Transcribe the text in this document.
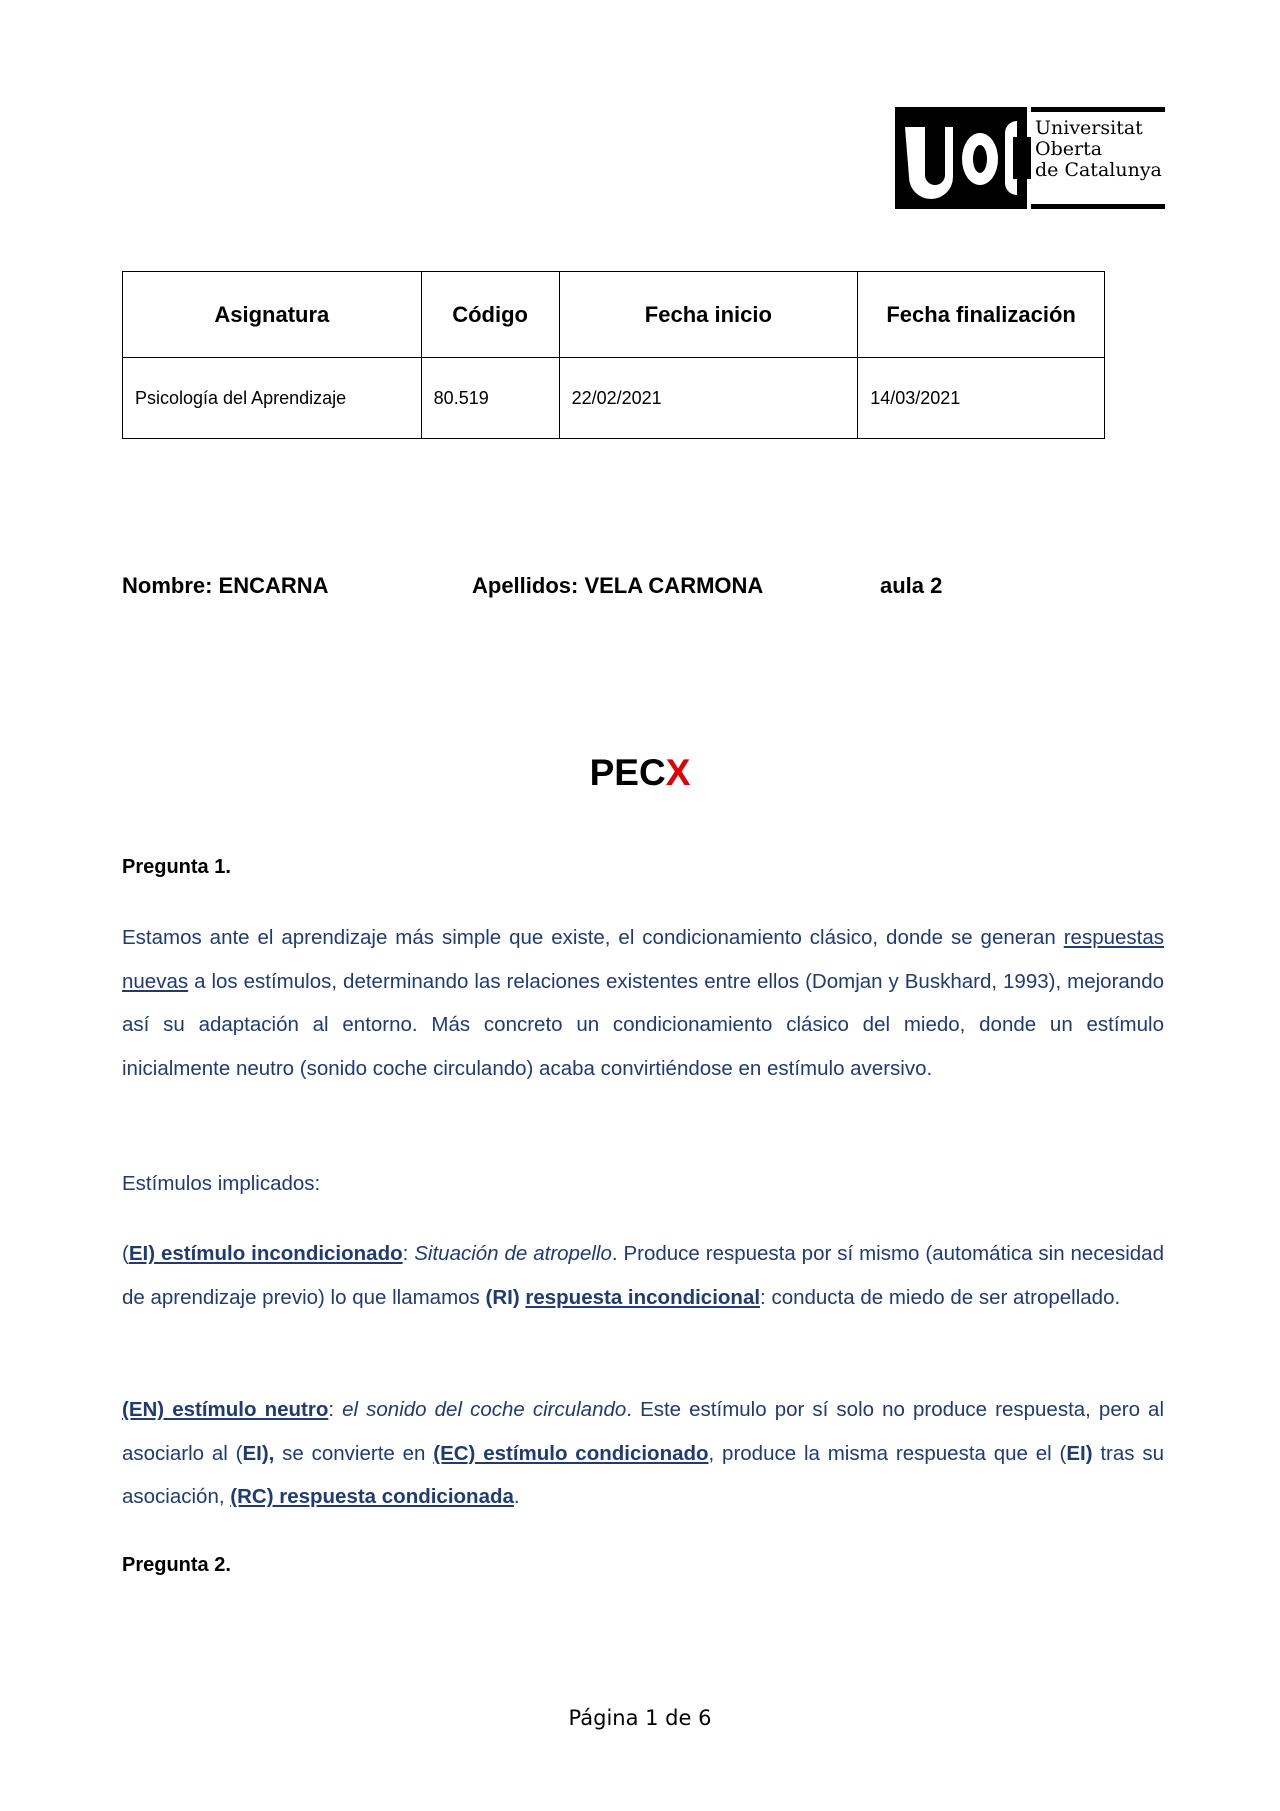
Universitat
Oberta
de Catalunya
Asignatura	Código	Fecha inicio	Fecha finalización
Psicología del Aprendizaje	80.519	22/02/2021	14/03/2021
Nombre: ENCARNA	Apellidos: VELA CARMONA	aula 2
PECX
Pregunta 1.

Estamos ante el aprendizaje más simple que existe, el condicionamiento clásico, donde se generan respuestas nuevas a los estímulos, determinando las relaciones existentes entre ellos (Domjan y Buskhard, 1993), mejorando así su adaptación al entorno. Más concreto un condicionamiento clásico del miedo, donde un estímulo inicialmente neutro (sonido coche circulando) acaba convirtiéndose en estímulo aversivo.

Estímulos implicados:

(EI) estímulo incondicionado: Situación de atropello. Produce respuesta por sí mismo (automática sin necesidad de aprendizaje previo) lo que llamamos (RI) respuesta incondicional: conducta de miedo de ser atropellado.

(EN) estímulo neutro: el sonido del coche circulando. Este estímulo por sí solo no produce respuesta, pero al asociarlo al (EI), se convierte en (EC) estímulo condicionado, produce la misma respuesta que el (EI) tras su asociación, (RC) respuesta condicionada.

Pregunta 2.
Página 1 de 6
